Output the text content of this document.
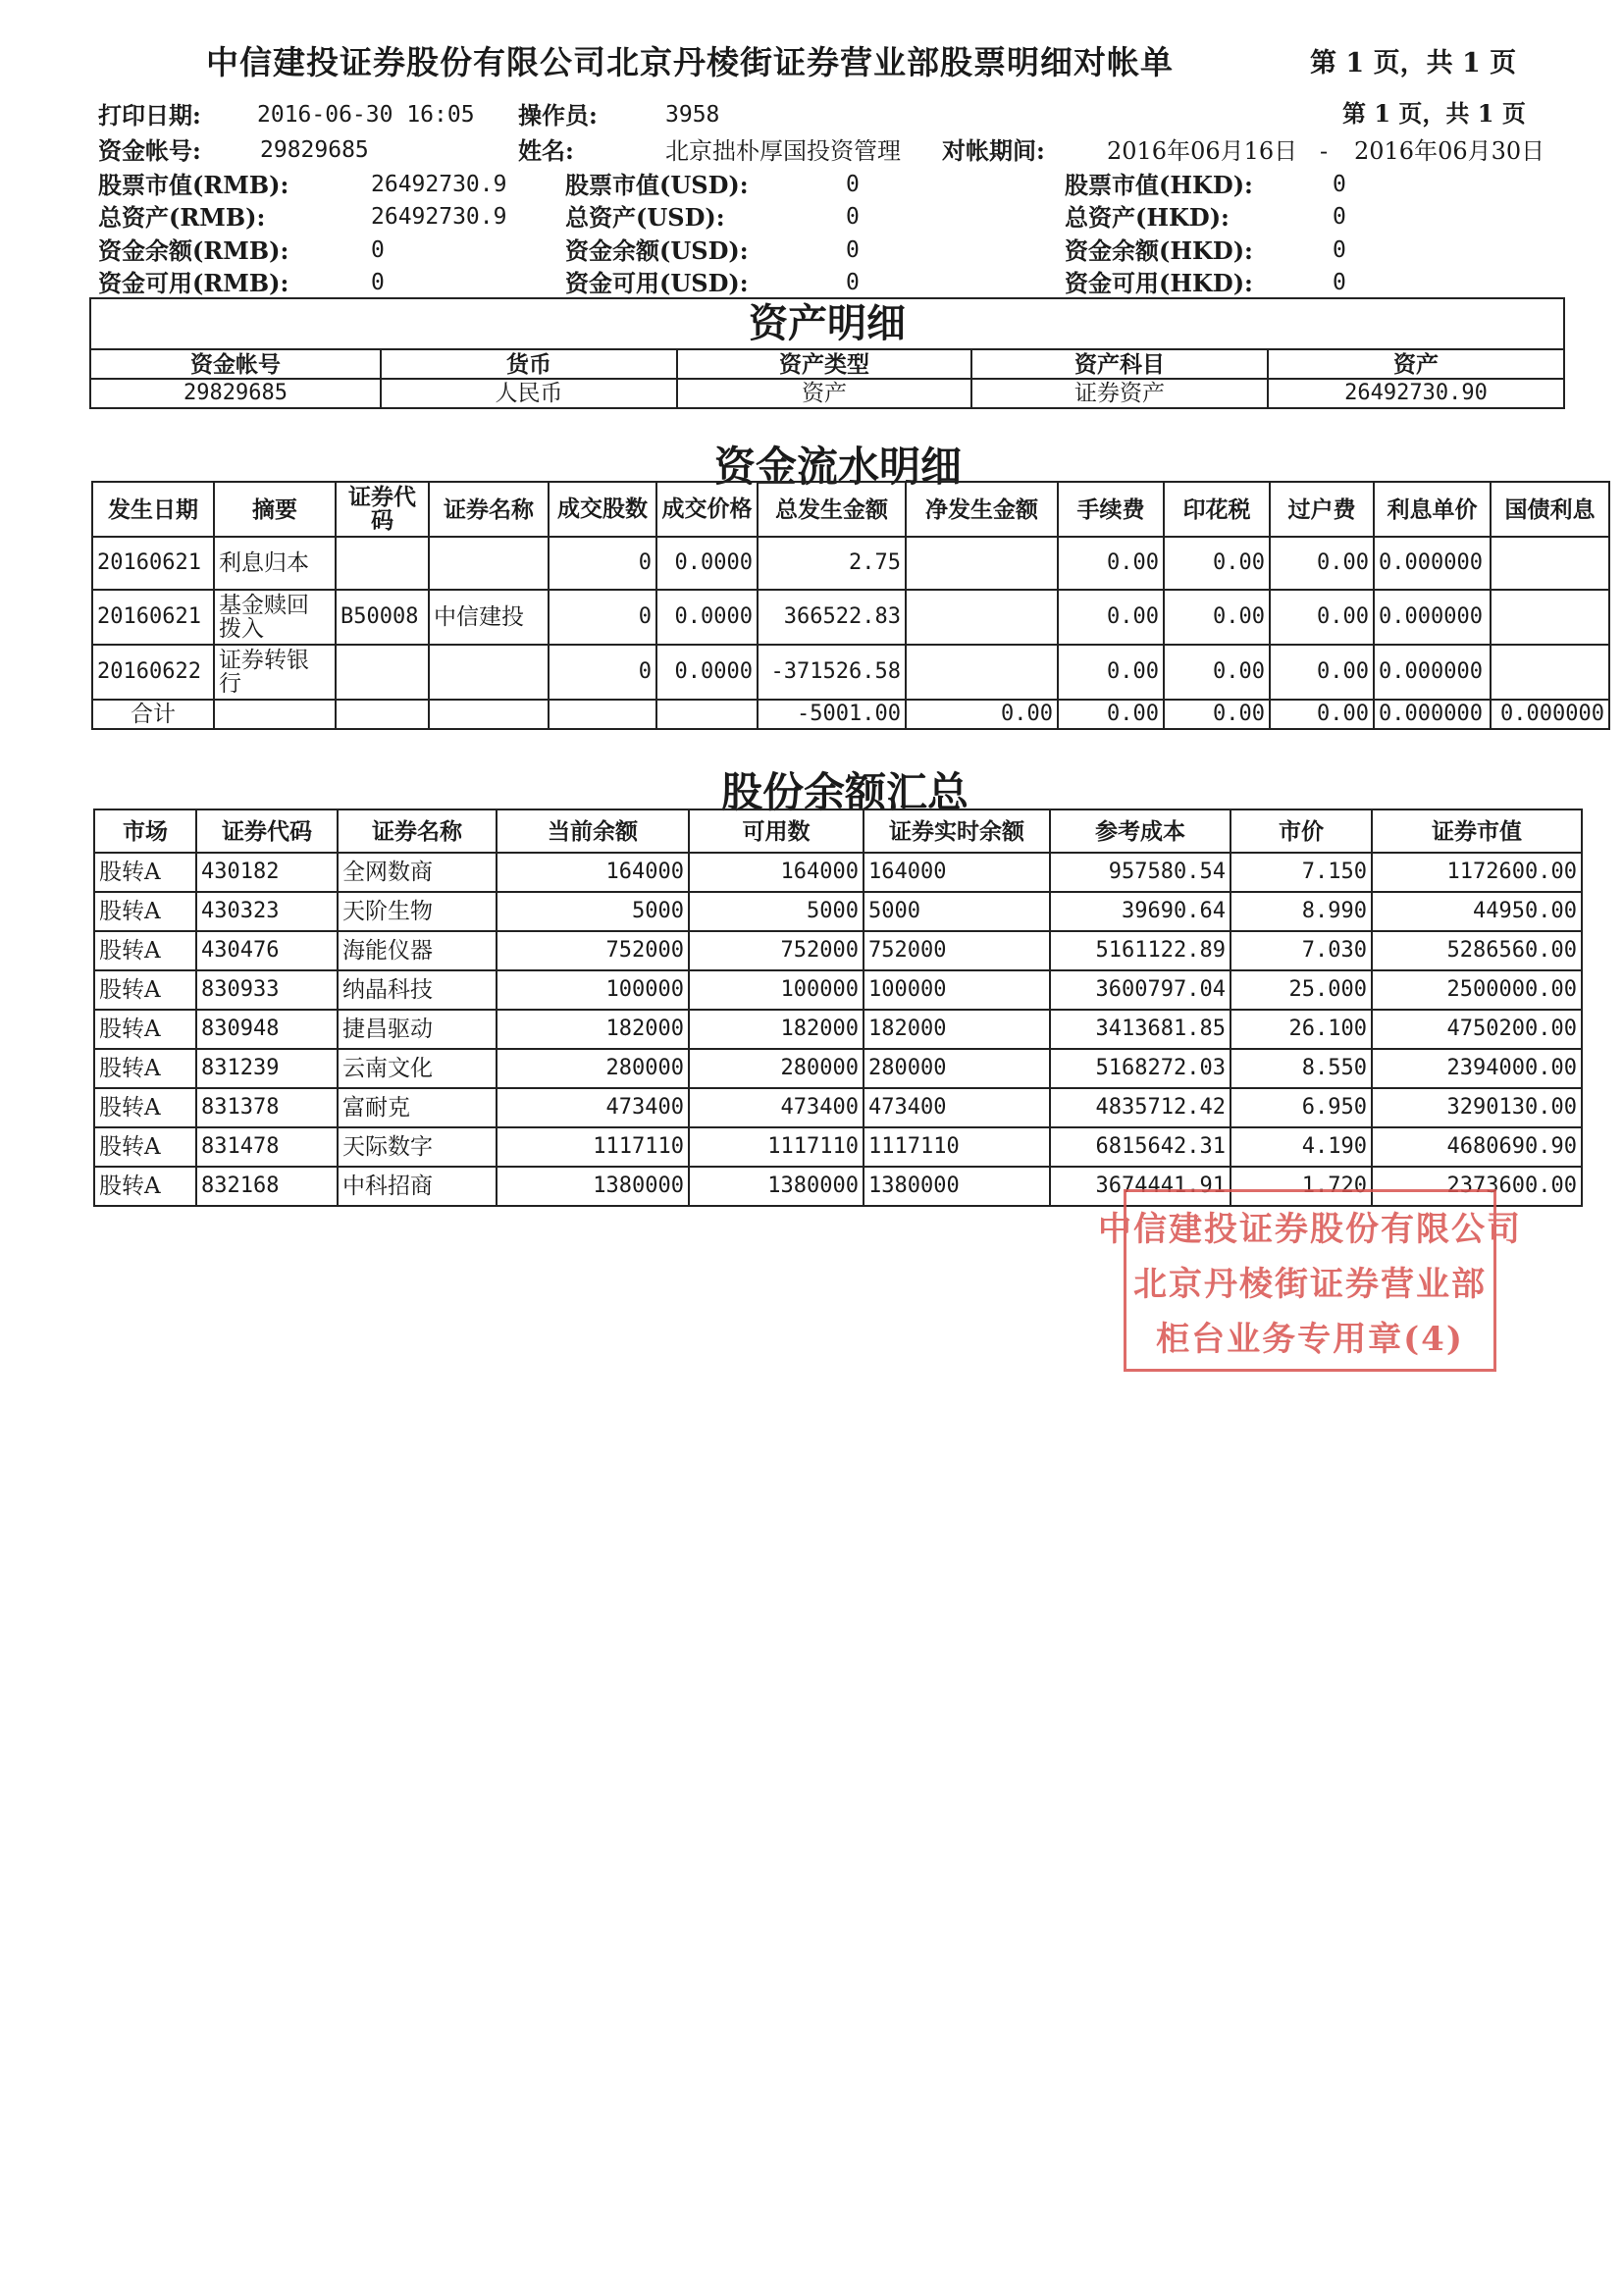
中信建投证券股份有限公司北京丹棱街证券营业部股票明细对帐单	第 1 页，共 1 页
打印日期: 2016-06-30 16:05 操作员:	3958	第 1 页，共 1 页
资金帐号:	29829685	姓名:	北京拙朴厚国投资管理 对帐期间:	2016年06月16日 - 2016年06月30日
股票市值(RMB):	26492730.9 股票市值(USD):	0	股票市值(HKD):	0
总资产(RMB):	26492730.9 总资产(USD):	0	总资产(HKD):	0
资金余额(RMB):	0	资金余额(USD):	0	资金余额(HKD):	0
资金可用(RMB):	0	资金可用(USD):	0	资金可用(HKD):	0
资产明细				
资金帐号	货币	资产类型	资产科目	资产
29829685	人民币	资产	证券资产	26492730.90
资金流水明细
发生日期	摘要	证券代码	证券名称	成交股数	成交价格	总发生金额	净发生金额	手续费	印花税	过户费	利息单价	国债利息
20160621	利息归本			0	0.0000	2.75		0.00	0.00	0.00	0.000000	
20160621	基金赎回拨入	B50008	中信建投	0	0.0000	366522.83		0.00	0.00	0.00	0.000000	
20160622	证券转银行			0	0.0000	-371526.58		0.00	0.00	0.00	0.000000	
合计						-5001.00	0.00	0.00	0.00	0.00	0.000000	0.000000
股份余额汇总
市场	证券代码	证券名称	当前余额	可用数	证券实时余额	参考成本	市价	证券市值
股转A	430182	全网数商	164000	164000	164000	957580.54	7.150	1172600.00
股转A	430323	天阶生物	5000	5000	5000	39690.64	8.990	44950.00
股转A	430476	海能仪器	752000	752000	752000	5161122.89	7.030	5286560.00
股转A	830933	纳晶科技	100000	100000	100000	3600797.04	25.000	2500000.00
股转A	830948	捷昌驱动	182000	182000	182000	3413681.85	26.100	4750200.00
股转A	831239	云南文化	280000	280000	280000	5168272.03	8.550	2394000.00
股转A	831378	富耐克	473400	473400	473400	4835712.42	6.950	3290130.00
股转A	831478	天际数字	1117110	1117110	1117110	6815642.31	4.190	4680690.90
股转A	832168	中科招商	1380000	1380000	1380000	3674441.91	1.720	2373600.00
中信建投证券股份有限公司
北京丹棱街证券营业部
柜台业务专用章(4)
